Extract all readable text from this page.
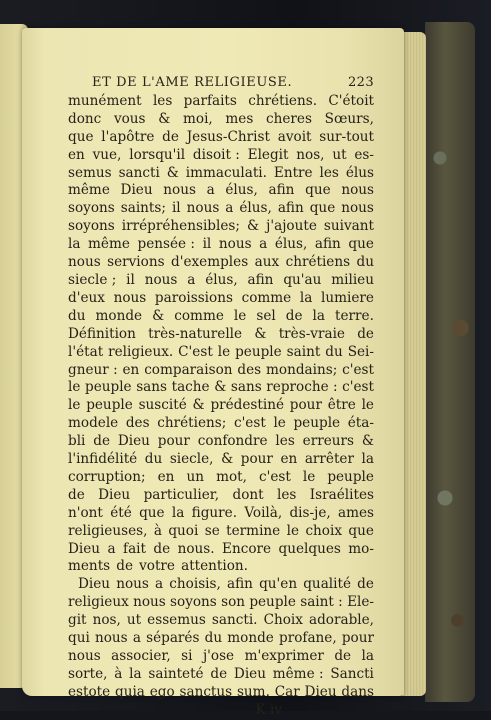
ET DE L'AME RELIGIEUSE.	223
munément les parfaits chrétiens. C'étoit
donc vous & moi, mes cheres Sœurs,
que l'apôtre de Jesus-Christ avoit sur-tout
en vue, lorsqu'il disoit : Elegit nos, ut es-
semus sancti & immaculati. Entre les élus
même Dieu nous a élus, afin que nous
soyons saints; il nous a élus, afin que nous
soyons irrépréhensibles; & j'ajoute suivant
la même pensée : il nous a élus, afin que
nous servions d'exemples aux chrétiens du
siecle ; il nous a élus, afin qu'au milieu
d'eux nous paroissions comme la lumiere
du monde & comme le sel de la terre.
Définition très-naturelle & très-vraie de
l'état religieux. C'est le peuple saint du Sei-
gneur : en comparaison des mondains; c'est
le peuple sans tache & sans reproche : c'est
le peuple suscité & prédestiné pour être le
modele des chrétiens; c'est le peuple éta-
bli de Dieu pour confondre les erreurs &
l'infidélité du siecle, & pour en arrêter la
corruption; en un mot, c'est le peuple
de Dieu particulier, dont les Israélites
n'ont été que la figure. Voilà, dis-je, ames
religieuses, à quoi se termine le choix que
Dieu a fait de nous. Encore quelques mo-
ments de votre attention.
Dieu nous a choisis, afin qu'en qualité de
religieux nous soyons son peuple saint : Ele-
git nos, ut essemus sancti. Choix adorable,
qui nous a séparés du monde profane, pour
nous associer, si j'ose m'exprimer de la
sorte, à la sainteté de Dieu même : Sancti
estote quia ego sanctus sum. Car Dieu dans
K iv
